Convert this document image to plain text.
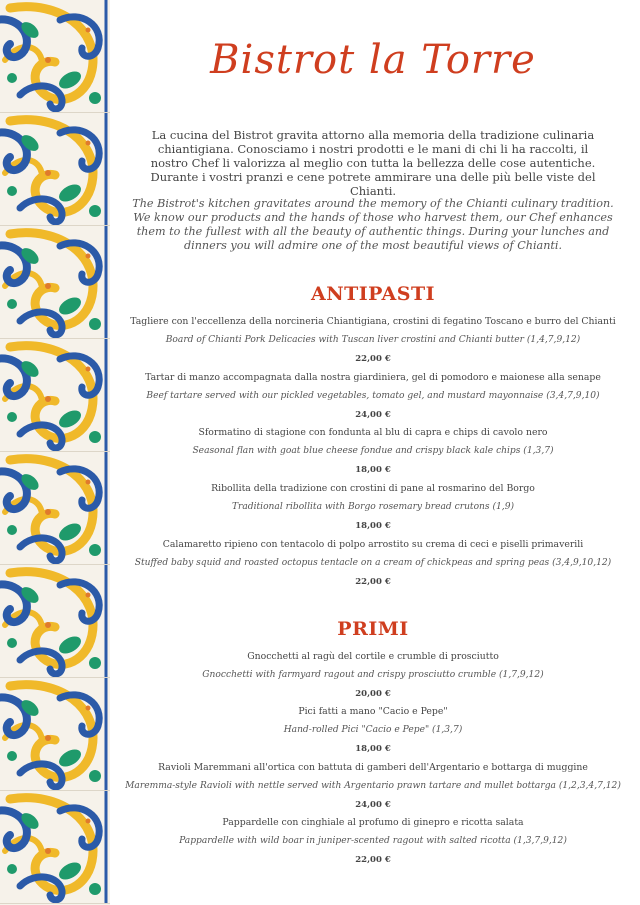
Bistrot la Torre
La cucina del Bistrot gravita attorno alla memoria della tradizione culinaria chiantigiana. Conosciamo i nostri prodotti e le mani di chi li ha raccolti, il nostro Chef li valorizza al meglio con tutta la bellezza delle cose autentiche. Durante i vostri pranzi e cene potrete ammirare una delle più belle viste del Chianti.
The Bistrot's kitchen gravitates around the memory of the Chianti culinary tradition. We know our products and the hands of those who harvest them, our Chef enhances them to the fullest with all the beauty of authentic things. During your lunches and dinners you will admire one of the most beautiful views of Chianti.
ANTIPASTI
Tagliere con l'eccellenza della norcineria Chiantigiana, crostini di fegatino Toscano e burro del Chianti
Board of Chianti Pork Delicacies with Tuscan liver crostini and Chianti butter (1,4,7,9,12)
22,00 €
Tartar di manzo accompagnata dalla nostra giardiniera, gel di pomodoro e maionese alla senape
Beef tartare served with our pickled vegetables, tomato gel, and mustard mayonnaise (3,4,7,9,10)
24,00 €
Sformatino di stagione con fondunta al blu di capra e chips di cavolo nero
Seasonal flan with goat blue cheese fondue and crispy black kale chips (1,3,7)
18,00 €
Ribollita della tradizione con crostini di pane al rosmarino del Borgo
Traditional ribollita with Borgo rosemary bread crutons (1,9)
18,00 €
Calamaretto ripieno con tentacolo di polpo arrostito su crema di ceci e piselli primaverili
Stuffed baby squid and roasted octopus tentacle on a cream of chickpeas and spring peas (3,4,9,10,12)
22,00 €
PRIMI
Gnocchetti al ragù del cortile e crumble di prosciutto
Gnocchetti with farmyard ragout and crispy prosciutto crumble (1,7,9,12)
20,00 €
Pici fatti a mano "Cacio e Pepe"
Hand-rolled Pici "Cacio e Pepe" (1,3,7)
18,00 €
Ravioli Maremmani all'ortica con battuta di gamberi dell'Argentario e bottarga di muggine
Maremma-style Ravioli with nettle served with Argentario prawn tartare and mullet bottarga (1,2,3,4,7,12)
24,00 €
Pappardelle con cinghiale al profumo di ginepro e ricotta salata
Pappardelle with wild boar in juniper-scented ragout with salted ricotta (1,3,7,9,12)
22,00 €
